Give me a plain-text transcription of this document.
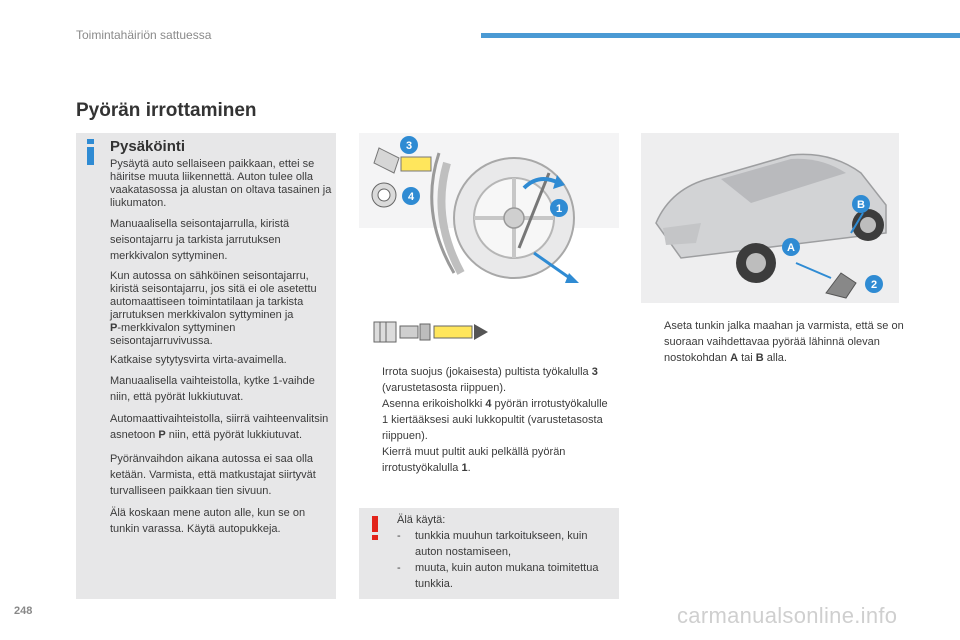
Toimintahäiriön sattuessa
Pyörän irrottaminen
Pysäköinti

Pysäytä auto sellaiseen paikkaan, ettei se häiritse muuta liikennettä. Auton tulee olla vaakatasossa ja alustan on oltava tasainen ja liukumaton.

Manuaalisella seisontajarrulla, kiristä seisontajarru ja tarkista jarrutuksen merkkivalon syttyminen.

Kun autossa on sähköinen seisontajarru, kiristä seisontajarru, jos sitä ei ole asetettu automaattiseen toimintatilaan ja tarkista jarrutuksen merkkivalon syttyminen ja
P-merkkivalon syttyminen seisontajarruvivussa.

Katkaise sytytysvirta virta-avaimella.

Manuaalisella vaihteistolla, kytke 1-vaihde niin, että pyörät lukkiutuvat.

Automaattivaihteistolla, siirrä vaihteenvalitsin asnetoon P niin, että pyörät lukkiutuvat.

Pyöränvaihdon aikana autossa ei saa olla ketään. Varmista, että matkustajat siirtyvät turvalliseen paikkaan tien sivuun.

Älä koskaan mene auton alle, kun se on tunkin varassa. Käytä autopukkeja.

3
4
1
A
B
2
Irrota suojus (jokaisesta) pultista työkalulla 3 (varustetasosta riippuen).
Asenna erikoisholkki 4 pyörän irrotustyökalulle 1 kiertääksesi auki lukkopultit (varustetasosta riippuen).
Kierrä muut pultit auki pelkällä pyörän irrotustyökalulla 1.
Aseta tunkin jalka maahan ja varmista, että se on suoraan vaihdettavaa pyörää lähinnä olevan nostokohdan A tai B alla.
Älä käytä:
- tunkkia muuhun tarkoitukseen, kuin auton nostamiseen,
- muuta, kuin auton mukana toimitettua tunkkia.
248	carmanualsonline.info
